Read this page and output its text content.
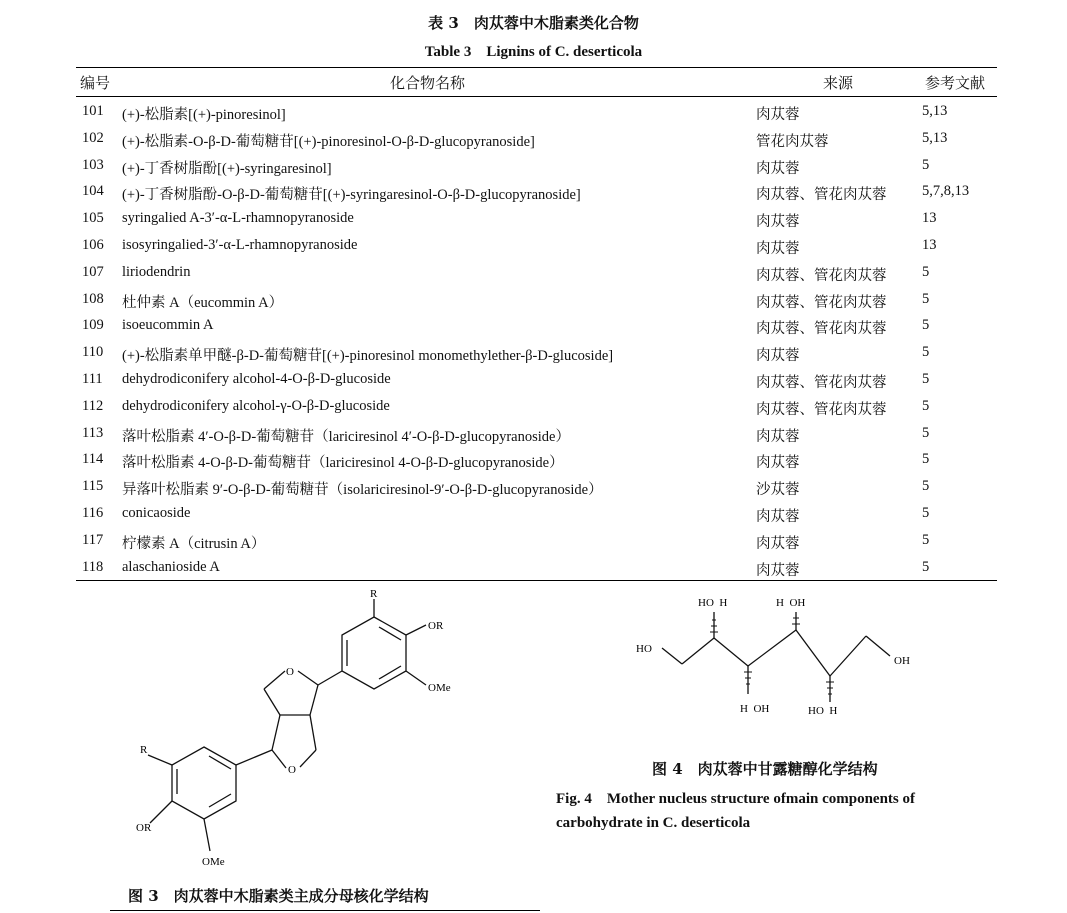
表 3　肉苁蓉中木脂素类化合物
Table 3　Lignins of C. deserticola
编号	化合物名称	来源	参考文献
101 (+)-松脂素[(+)-pinoresinol]	肉苁蓉	5,13
102 (+)-松脂素-O-β-D-葡萄糖苷[(+)-pinoresinol-O-β-D-glucopyranoside]	管花肉苁蓉	5,13
103 (+)-丁香树脂酚[(+)-syringaresinol]	肉苁蓉	5
104 (+)-丁香树脂酚-O-β-D-葡萄糖苷[(+)-syringaresinol-O-β-D-glucopyranoside]	肉苁蓉、管花肉苁蓉 5,7,8,13
105 syringalied A-3′-α-L-rhamnopyranoside	肉苁蓉	13
106 isosyringalied-3′-α-L-rhamnopyranoside	肉苁蓉	13
107 liriodendrin	肉苁蓉、管花肉苁蓉 5
108 杜仲素 A（eucommin A）	肉苁蓉、管花肉苁蓉 5
109 isoeucommin A	肉苁蓉、管花肉苁蓉 5
110 (+)-松脂素单甲醚-β-D-葡萄糖苷[(+)-pinoresinol monomethylether-β-D-glucoside]	肉苁蓉	5
111 dehydrodiconifery alcohol-4-O-β-D-glucoside	肉苁蓉、管花肉苁蓉 5
112 dehydrodiconifery alcohol-γ-O-β-D-glucoside	肉苁蓉、管花肉苁蓉 5
113 落叶松脂素 4′-O-β-D-葡萄糖苷（lariciresinol 4′-O-β-D-glucopyranoside）	肉苁蓉	5
114 落叶松脂素 4-O-β-D-葡萄糖苷（lariciresinol 4-O-β-D-glucopyranoside）	肉苁蓉	5
115 异落叶松脂素 9′-O-β-D-葡萄糖苷（isolariciresinol-9′-O-β-D-glucopyranoside）	沙苁蓉	5
116 conicaoside	肉苁蓉	5
117 柠檬素 A（citrusin A）	肉苁蓉	5
118 alaschanioside A	肉苁蓉	5
R
OR
OMe
O
O
R
OR
OMe
图 3　肉苁蓉中木脂素类主成分母核化学结构
HO
HO  H
H  OH
H  OH
HO  H
OH
图 4　肉苁蓉中甘露糖醇化学结构
Fig. 4　Mother nucleus structure ofmain components of
carbohydrate in C. deserticola
